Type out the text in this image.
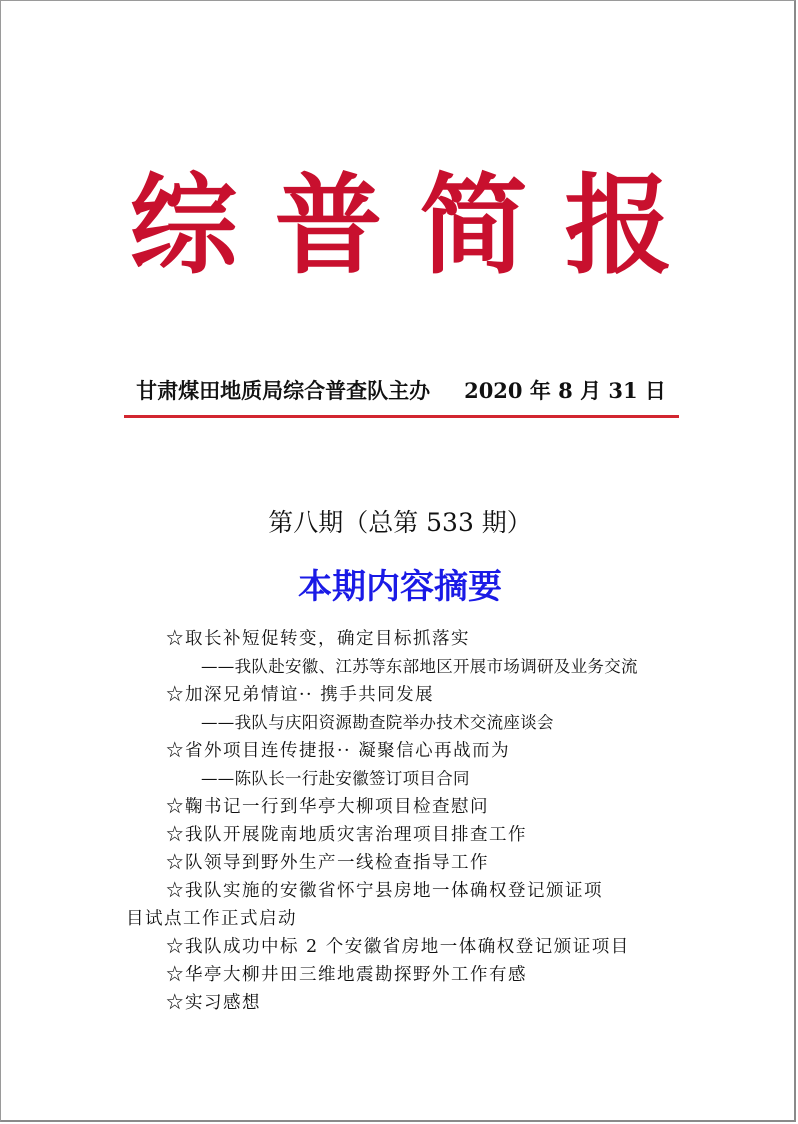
综 普 简 报
甘肃煤田地质局综合普查队主办 2020 年 8 月 31 日
第八期（总第 533 期）
本期内容摘要
☆取长补短促转变，确定目标抓落实
——我队赴安徽、江苏等东部地区开展市场调研及业务交流
☆加深兄弟情谊·· 携手共同发展
——我队与庆阳资源勘查院举办技术交流座谈会
☆省外项目连传捷报·· 凝聚信心再战而为
——陈队长一行赴安徽签订项目合同
☆鞠书记一行到华亭大柳项目检查慰问
☆我队开展陇南地质灾害治理项目排查工作
☆队领导到野外生产一线检查指导工作
☆我队实施的安徽省怀宁县房地一体确权登记颁证项
目试点工作正式启动
☆我队成功中标 2 个安徽省房地一体确权登记颁证项目
☆华亭大柳井田三维地震勘探野外工作有感
☆实习感想
